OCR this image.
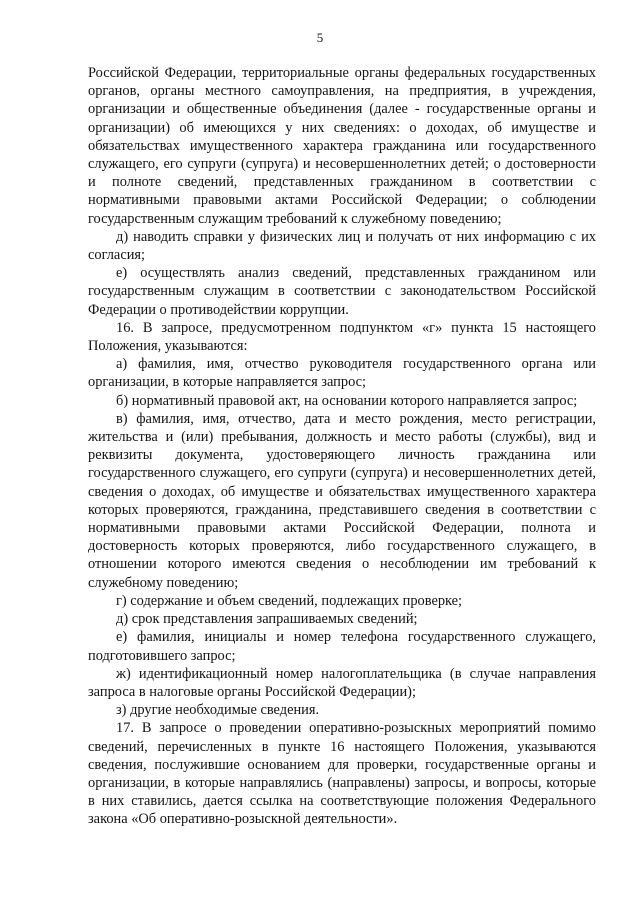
5

Российской Федерации, территориальные органы федеральных государственных органов, органы местного самоуправления, на предприятия, в учреждения, организации и общественные объединения (далее - государственные органы и организации) об имеющихся у них сведениях: о доходах, об имуществе и обязательствах имущественного характера гражданина или государственного служащего, его супруги (супруга) и несовершеннолетних детей; о достоверности и полноте сведений, представленных гражданином в соответствии с нормативными правовыми актами Российской Федерации; о соблюдении государственным служащим требований к служебному поведению;

д) наводить справки у физических лиц и получать от них информацию с их согласия;

е) осуществлять анализ сведений, представленных гражданином или государственным служащим в соответствии с законодательством Российской Федерации о противодействии коррупции.

16. В запросе, предусмотренном подпунктом «г» пункта 15 настоящего Положения, указываются:

а) фамилия, имя, отчество руководителя государственного органа или организации, в которые направляется запрос;

б) нормативный правовой акт, на основании которого направляется запрос;

в) фамилия, имя, отчество, дата и место рождения, место регистрации, жительства и (или) пребывания, должность и место работы (службы), вид и реквизиты документа, удостоверяющего личность гражданина или государственного служащего, его супруги (супруга) и несовершеннолетних детей, сведения о доходах, об имуществе и обязательствах имущественного характера которых проверяются, гражданина, представившего сведения в соответствии с нормативными правовыми актами Российской Федерации, полнота и достоверность которых проверяются, либо государственного служащего, в отношении которого имеются сведения о несоблюдении им требований к служебному поведению;

г) содержание и объем сведений, подлежащих проверке;

д) срок представления запрашиваемых сведений;

е) фамилия, инициалы и номер телефона государственного служащего, подготовившего запрос;

ж) идентификационный номер налогоплательщика (в случае направления запроса в налоговые органы Российской Федерации);

з) другие необходимые сведения.

17. В запросе о проведении оперативно-розыскных мероприятий помимо сведений, перечисленных в пункте 16 настоящего Положения, указываются сведения, послужившие основанием для проверки, государственные органы и организации, в которые направлялись (направлены) запросы, и вопросы, которые в них ставились, дается ссылка на соответствующие положения Федерального закона «Об оперативно-розыскной деятельности».
